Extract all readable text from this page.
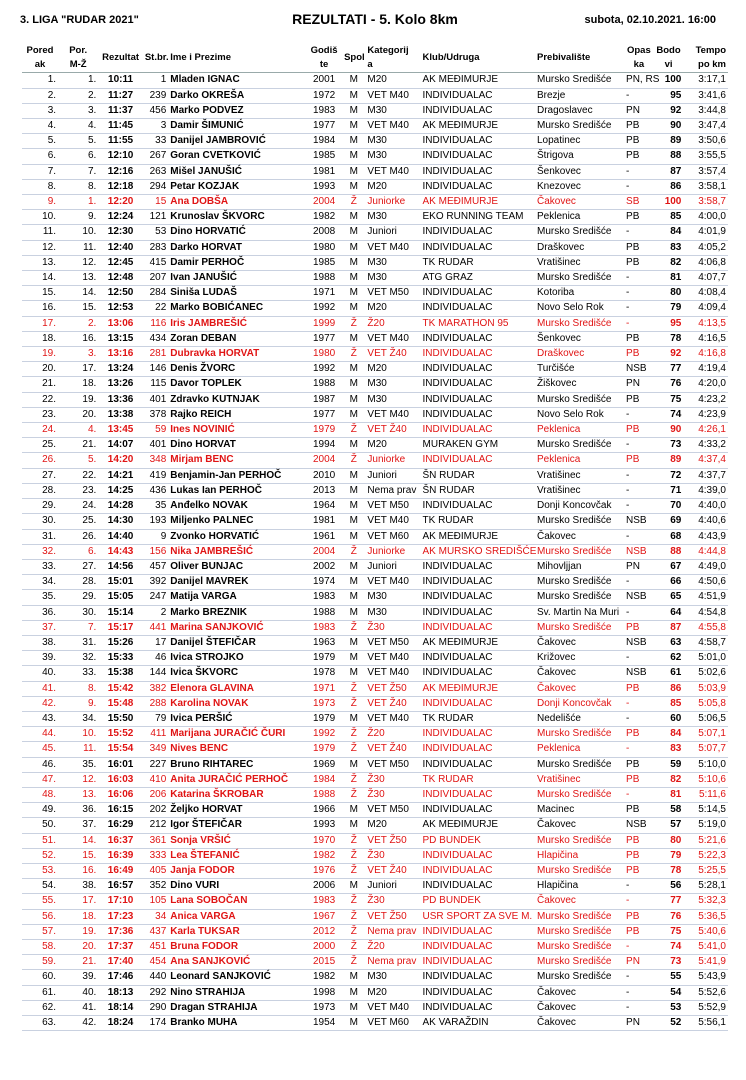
3. LIGA "RUDAR 2021"	REZULTATI - 5. Kolo 8km	subota, 02.10.2021. 16:00
Pored
ak	Por.
M-Ž	Rezultat	St.br.	Ime i Prezime	Godiš
te	Spol	Kategorij
a	Klub/Udruga	Prebivalište	Opas
ka	Bodo
vi	Tempo
po km
1.	1.	10:11	1	Mladen IGNAC	2001	M	M20	AK MEĐIMURJE	Mursko Središće	PN, RS	100	3:17,1
2.	2.	11:27	239	Darko OKREŠA	1972	M	VET M40	INDIVIDUALAC	Brezje	-	95	3:41,6
3.	3.	11:37	456	Marko PODVEZ	1983	M	M30	INDIVIDUALAC	Dragoslavec	PN	92	3:44,8
4.	4.	11:45	3	Damir ŠIMUNIĆ	1977	M	VET M40	AK MEĐIMURJE	Mursko Središće	PB	90	3:47,4
5.	5.	11:55	33	Danijel JAMBROVIĆ	1984	M	M30	INDIVIDUALAC	Lopatinec	PB	89	3:50,6
6.	6.	12:10	267	Goran CVETKOVIĆ	1985	M	M30	INDIVIDUALAC	Štrigova	PB	88	3:55,5
7.	7.	12:16	263	Mišel JANUŠIĆ	1981	M	VET M40	INDIVIDUALAC	Šenkovec	-	87	3:57,4
8.	8.	12:18	294	Petar KOZJAK	1993	M	M20	INDIVIDUALAC	Knezovec	-	86	3:58,1
9.	1.	12:20	15	Ana DOBŠA	2004	Ž	Juniorke	AK MEĐIMURJE	Čakovec	SB	100	3:58,7
10.	9.	12:24	121	Krunoslav ŠKVORC	1982	M	M30	EKO RUNNING TEAM	Peklenica	PB	85	4:00,0
11.	10.	12:30	53	Dino HORVATIĆ	2008	M	Juniori	INDIVIDUALAC	Mursko Središće	-	84	4:01,9
12.	11.	12:40	283	Darko HORVAT	1980	M	VET M40	INDIVIDUALAC	Draškovec	PB	83	4:05,2
13.	12.	12:45	415	Damir PERHOČ	1985	M	M30	TK RUDAR	Vratišinec	PB	82	4:06,8
14.	13.	12:48	207	Ivan JANUŠIĆ	1988	M	M30	ATG GRAZ	Mursko Središće	-	81	4:07,7
15.	14.	12:50	284	Siniša LUDAŠ	1971	M	VET M50	INDIVIDUALAC	Kotoriba	-	80	4:08,4
16.	15.	12:53	22	Marko BOBIĆANEC	1992	M	M20	INDIVIDUALAC	Novo Selo Rok	-	79	4:09,4
17.	2.	13:06	116	Iris JAMBREŠIĆ	1999	Ž	Ž20	TK MARATHON 95	Mursko Središće	-	95	4:13,5
18.	16.	13:15	434	Zoran DEBAN	1977	M	VET M40	INDIVIDUALAC	Šenkovec	PB	78	4:16,5
19.	3.	13:16	281	Dubravka HORVAT	1980	Ž	VET Ž40	INDIVIDUALAC	Draškovec	PB	92	4:16,8
20.	17.	13:24	146	Denis ŽVORC	1992	M	M20	INDIVIDUALAC	Turčišće	NSB	77	4:19,4
21.	18.	13:26	115	Davor TOPLEK	1988	M	M30	INDIVIDUALAC	Žiškovec	PN	76	4:20,0
22.	19.	13:36	401	Zdravko KUTNJAK	1987	M	M30	INDIVIDUALAC	Mursko Središće	PB	75	4:23,2
23.	20.	13:38	378	Rajko REICH	1977	M	VET M40	INDIVIDUALAC	Novo Selo Rok	-	74	4:23,9
24.	4.	13:45	59	Ines NOVINIĆ	1979	Ž	VET Ž40	INDIVIDUALAC	Peklenica	PB	90	4:26,1
25.	21.	14:07	401	Dino HORVAT	1994	M	M20	MURAKEN GYM	Mursko Središće	-	73	4:33,2
26.	5.	14:20	348	Mirjam BENC	2004	Ž	Juniorke	INDIVIDUALAC	Peklenica	PB	89	4:37,4
27.	22.	14:21	419	Benjamin-Jan PERHOČ	2010	M	Juniori	ŠN RUDAR	Vratišinec	-	72	4:37,7
28.	23.	14:25	436	Lukas Ian PERHOČ	2013	M	Nema prav	ŠN RUDAR	Vratišinec	-	71	4:39,0
29.	24.	14:28	35	Anđelko NOVAK	1964	M	VET M50	INDIVIDUALAC	Donji Koncovčak	-	70	4:40,0
30.	25.	14:30	193	Miljenko PALNEC	1981	M	VET M40	TK RUDAR	Mursko Središće	NSB	69	4:40,6
31.	26.	14:40	9	Zvonko HORVATIĆ	1961	M	VET M60	AK MEĐIMURJE	Čakovec	-	68	4:43,9
32.	6.	14:43	156	Nika JAMBREŠIĆ	2004	Ž	Juniorke	AK MURSKO SREDIŠĆE	Mursko Središće	NSB	88	4:44,8
33.	27.	14:56	457	Oliver BUNJAC	2002	M	Juniori	INDIVIDUALAC	Mihovljjan	PN	67	4:49,0
34.	28.	15:01	392	Danijel MAVREK	1974	M	VET M40	INDIVIDUALAC	Mursko Središće	-	66	4:50,6
35.	29.	15:05	247	Matija VARGA	1983	M	M30	INDIVIDUALAC	Mursko Središće	NSB	65	4:51,9
36.	30.	15:14	2	Marko BREZNIK	1988	M	M30	INDIVIDUALAC	Sv. Martin Na Muri	-	64	4:54,8
37.	7.	15:17	441	Marina SANJKOVIĆ	1983	Ž	Ž30	INDIVIDUALAC	Mursko Središće	PB	87	4:55,8
38.	31.	15:26	17	Danijel ŠTEFIČAR	1963	M	VET M50	AK MEĐIMURJE	Čakovec	NSB	63	4:58,7
39.	32.	15:33	46	Ivica STROJKO	1979	M	VET M40	INDIVIDUALAC	Križovec	-	62	5:01,0
40.	33.	15:38	144	Ivica ŠKVORC	1978	M	VET M40	INDIVIDUALAC	Čakovec	NSB	61	5:02,6
41.	8.	15:42	382	Elenora GLAVINA	1971	Ž	VET Ž50	AK MEĐIMURJE	Čakovec	PB	86	5:03,9
42.	9.	15:48	288	Karolina NOVAK	1973	Ž	VET Ž40	INDIVIDUALAC	Donji Koncovčak	-	85	5:05,8
43.	34.	15:50	79	Ivica PERŠIĆ	1979	M	VET M40	TK RUDAR	Nedelišće	-	60	5:06,5
44.	10.	15:52	411	Marijana JURAČIĆ ČURI	1992	Ž	Ž20	INDIVIDUALAC	Mursko Središće	PB	84	5:07,1
45.	11.	15:54	349	Nives BENC	1979	Ž	VET Ž40	INDIVIDUALAC	Peklenica	-	83	5:07,7
46.	35.	16:01	227	Bruno RIHTAREC	1969	M	VET M50	INDIVIDUALAC	Mursko Središće	PB	59	5:10,0
47.	12.	16:03	410	Anita JURAČIĆ PERHOČ	1984	Ž	Ž30	TK RUDAR	Vratišinec	PB	82	5:10,6
48.	13.	16:06	206	Katarina ŠKROBAR	1988	Ž	Ž30	INDIVIDUALAC	Mursko Središće	-	81	5:11,6
49.	36.	16:15	202	Željko HORVAT	1966	M	VET M50	INDIVIDUALAC	Macinec	PB	58	5:14,5
50.	37.	16:29	212	Igor ŠTEFIČAR	1993	M	M20	AK MEĐIMURJE	Čakovec	NSB	57	5:19,0
51.	14.	16:37	361	Sonja VRŠIĆ	1970	Ž	VET Ž50	PD BUNDEK	Mursko Središće	PB	80	5:21,6
52.	15.	16:39	333	Lea ŠTEFANIĆ	1982	Ž	Ž30	INDIVIDUALAC	Hlapičina	PB	79	5:22,3
53.	16.	16:49	405	Janja FODOR	1976	Ž	VET Ž40	INDIVIDUALAC	Mursko Središće	PB	78	5:25,5
54.	38.	16:57	352	Dino VURI	2006	M	Juniori	INDIVIDUALAC	Hlapičina	-	56	5:28,1
55.	17.	17:10	105	Lana SOBOČAN	1983	Ž	Ž30	PD BUNDEK	Čakovec	-	77	5:32,3
56.	18.	17:23	34	Anica VARGA	1967	Ž	VET Ž50	USR SPORT ZA SVE M.	Mursko Središće	PB	76	5:36,5
57.	19.	17:36	437	Karla TUKSAR	2012	Ž	Nema prav	INDIVIDUALAC	Mursko Središće	PB	75	5:40,6
58.	20.	17:37	451	Bruna FODOR	2000	Ž	Ž20	INDIVIDUALAC	Mursko Središće	-	74	5:41,0
59.	21.	17:40	454	Ana SANJKOVIĆ	2015	Ž	Nema prav	INDIVIDUALAC	Mursko Središće	PN	73	5:41,9
60.	39.	17:46	440	Leonard SANJKOVIĆ	1982	M	M30	INDIVIDUALAC	Mursko Središće	-	55	5:43,9
61.	40.	18:13	292	Nino STRAHIJA	1998	M	M20	INDIVIDUALAC	Čakovec	-	54	5:52,6
62.	41.	18:14	290	Dragan STRAHIJA	1973	M	VET M40	INDIVIDUALAC	Čakovec	-	53	5:52,9
63.	42.	18:24	174	Branko MUHA	1954	M	VET M60	AK VARAŽDIN	Čakovec	PN	52	5:56,1
